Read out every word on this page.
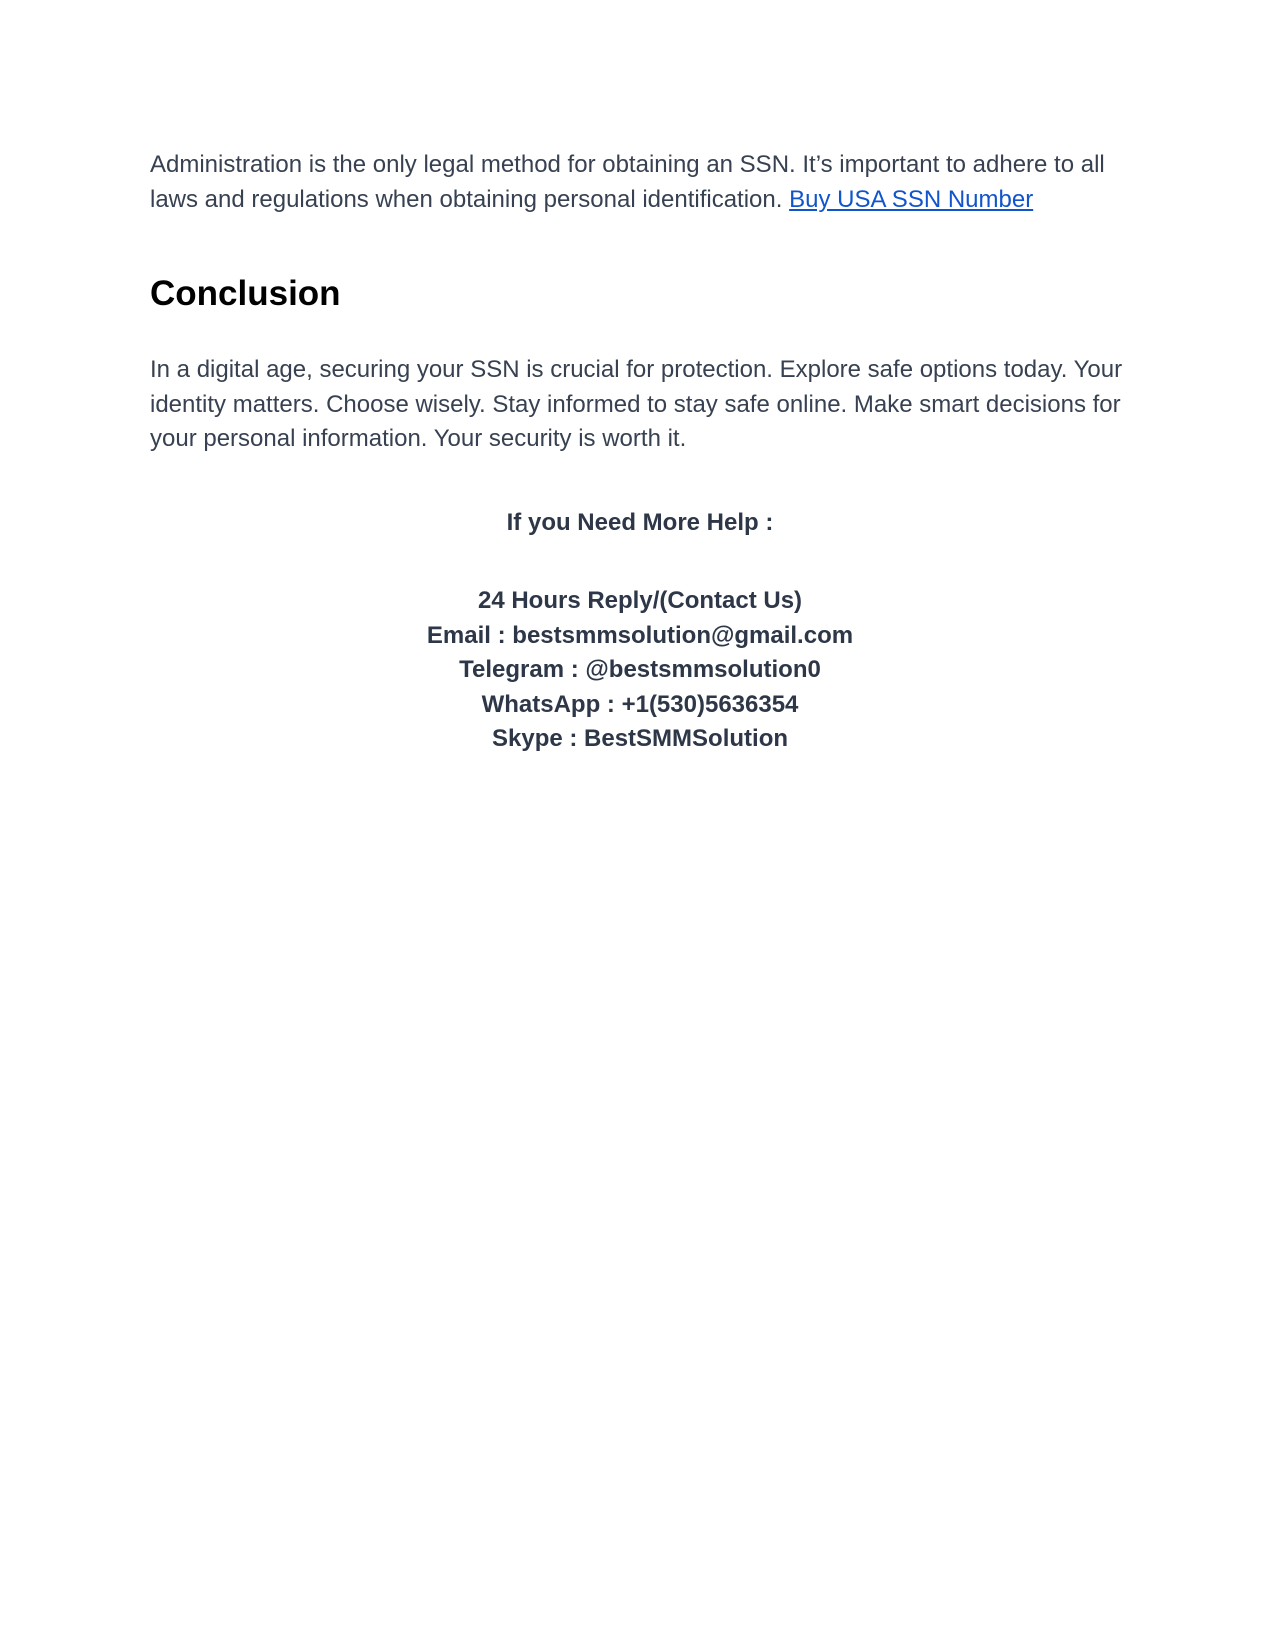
Administration is the only legal method for obtaining an SSN. It’s important to adhere to all laws and regulations when obtaining personal identification. Buy USA SSN Number

Conclusion

In a digital age, securing your SSN is crucial for protection. Explore safe options today. Your identity matters. Choose wisely. Stay informed to stay safe online. Make smart decisions for your personal information. Your security is worth it.

If you Need More Help :

24 Hours Reply/(Contact Us)
Email : bestsmmsolution@gmail.com
Telegram : @bestsmmsolution0
WhatsApp : +1(530)5636354
Skype : BestSMMSolution
